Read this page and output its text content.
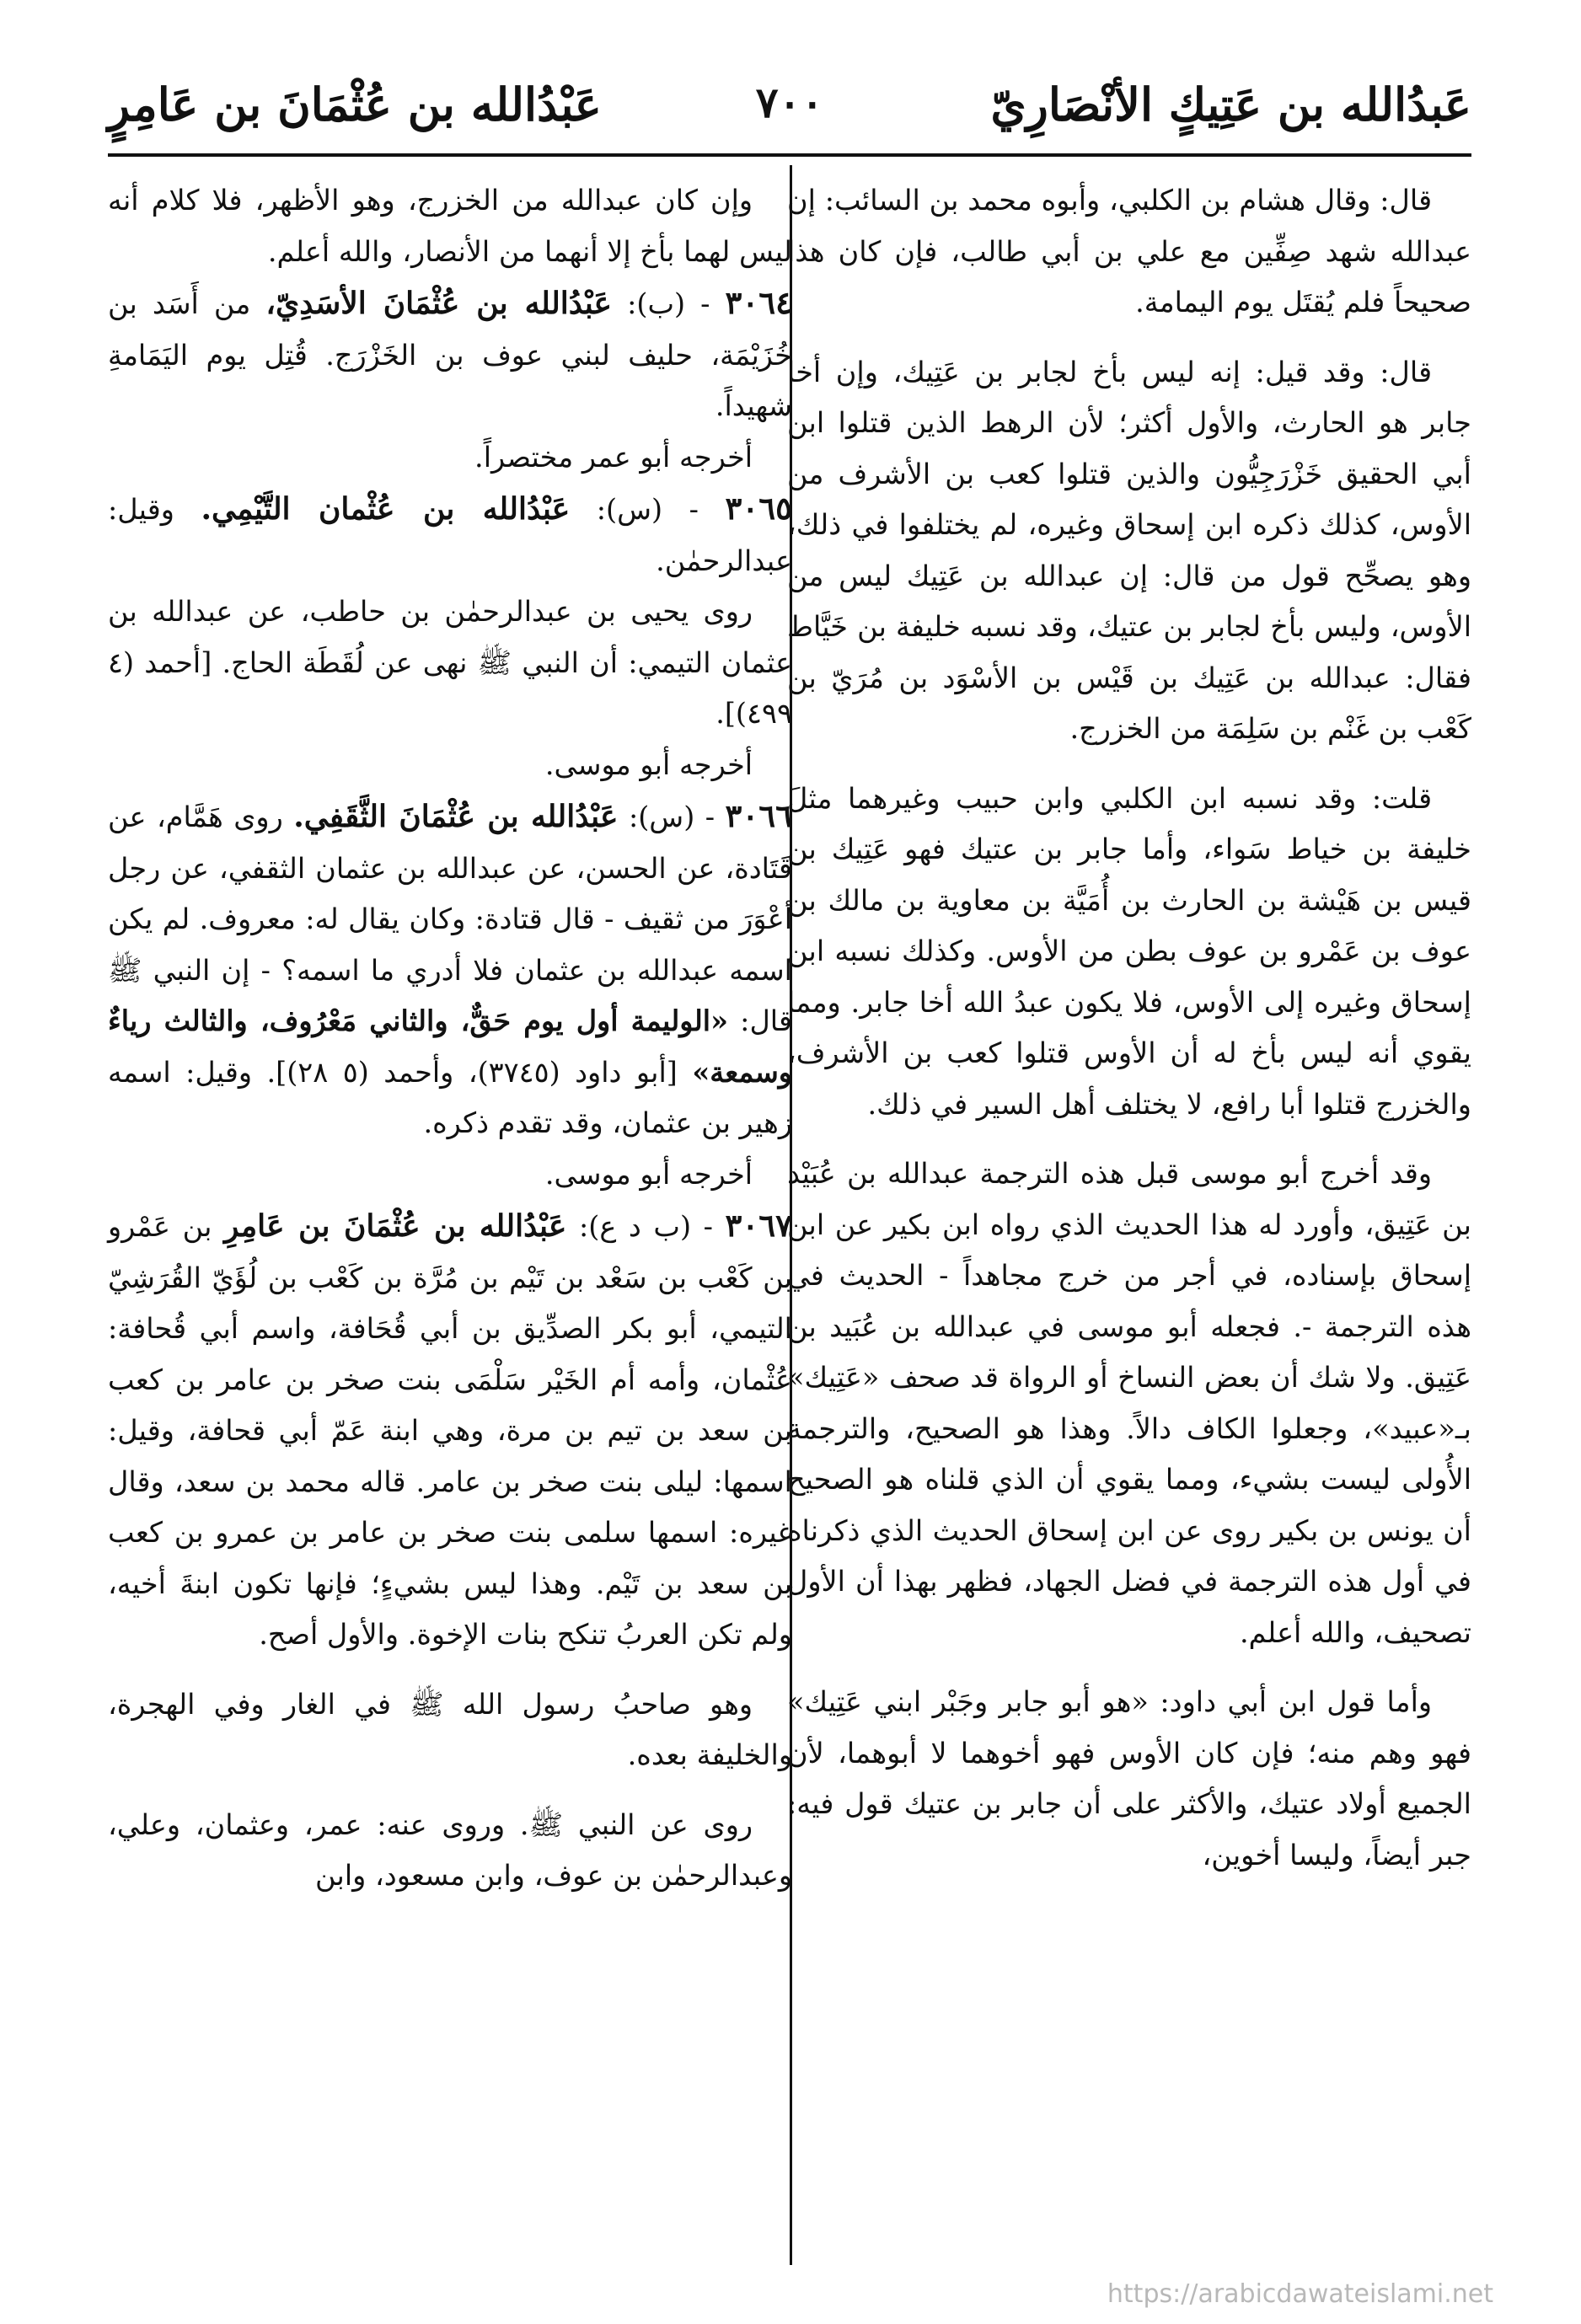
عَبْدُالله بن عُثْمَانَ بن عَامِرٍ	٧٠٠	عَبدُالله بن عَتِيكٍ الأنْصَارِيّ

قال: وقال هشام بن الكلبي، وأبوه محمد بن السائب: إن عبدالله شهد صِفِّين مع علي بن أبي طالب، فإن كان هذا صحيحاً فلم يُقتَل يوم اليمامة.

قال: وقد قيل: إنه ليس بأخ لجابر بن عَتِيك، وإن أخا جابر هو الحارث، والأول أكثر؛ لأن الرهط الذين قتلوا ابن أبي الحقيق خَزْرَجِيُّون والذين قتلوا كعب بن الأشرف من الأوس، كذلك ذكره ابن إسحاق وغيره، لم يختلفوا في ذلك، وهو يصحِّح قول من قال: إن عبدالله بن عَتِيك ليس من الأوس، وليس بأخ لجابر بن عتيك، وقد نسبه خليفة بن خَيَّاط فقال: عبدالله بن عَتِيك بن قَيْس بن الأسْوَد بن مُرَيّ بن كَعْب بن غَنْم بن سَلِمَة من الخزرج.

قلت: وقد نسبه ابن الكلبي وابن حبيب وغيرهما مثلَ خليفة بن خياط سَواء، وأما جابر بن عتيك فهو عَتِيك بن قيس بن هَيْشة بن الحارث بن أُمَيَّة بن معاوية بن مالك بن عوف بن عَمْرو بن عوف بطن من الأوس. وكذلك نسبه ابن إسحاق وغيره إلى الأوس، فلا يكون عبدُ الله أخا جابر. ومما يقوي أنه ليس بأخ له أن الأوس قتلوا كعب بن الأشرف، والخزرج قتلوا أبا رافع، لا يختلف أهل السير في ذلك.

وقد أخرج أبو موسى قبل هذه الترجمة عبدالله بن عُبَيْد بن عَتِيق، وأورد له هذا الحديث الذي رواه ابن بكير عن ابن إسحاق بإسناده، في أجر من خرج مجاهداً - الحديث في هذه الترجمة -. فجعله أبو موسى في عبدالله بن عُبَيد بن عَتِيق. ولا شك أن بعض النساخ أو الرواة قد صحف «عَتِيك» بـ«عبيد»، وجعلوا الكاف دالاً. وهذا هو الصحيح، والترجمة الأُولى ليست بشيء، ومما يقوي أن الذي قلناه هو الصحيح أن يونس بن بكير روى عن ابن إسحاق الحديث الذي ذكرناه في أول هذه الترجمة في فضل الجهاد، فظهر بهذا أن الأول تصحيف، والله أعلم.

وأما قول ابن أبي داود: «هو أبو جابر وجَبْر ابني عَتِيك» فهو وهم منه؛ فإن كان الأوس فهو أخوهما لا أبوهما، لأن الجميع أولاد عتيك، والأكثر على أن جابر بن عتيك قول فيه: جبر أيضاً، وليسا أخوين،

وإن كان عبدالله من الخزرج، وهو الأظهر، فلا كلام أنه ليس لهما بأخ إلا أنهما من الأنصار، والله أعلم.

٣٠٦٤ - (ب): عَبْدُالله بن عُثْمَانَ الأسَدِيّ، من أَسَد بن خُزَيْمَة، حليف لبني عوف بن الخَزْرَج. قُتِل يوم اليَمَامةِ شهيداً.

أخرجه أبو عمر مختصراً.

٣٠٦٥ - (س): عَبْدُالله بن عُثْمان التَّيْمِي. وقيل: عبدالرحمٰن.

روى يحيى بن عبدالرحمٰن بن حاطب، عن عبدالله بن عثمان التيمي: أن النبي ﷺ نهى عن لُقَطَة الحاج. [أحمد (٤ ٤٩٩)].

أخرجه أبو موسى.

٣٠٦٦ - (س): عَبْدُالله بن عُثْمَانَ الثَّقَفِي. روى هَمَّام، عن قَتَادة، عن الحسن، عن عبدالله بن عثمان الثقفي، عن رجل أعْوَرَ من ثقيف - قال قتادة: وكان يقال له: معروف. لم يكن اسمه عبدالله بن عثمان فلا أدري ما اسمه؟ - إن النبي ﷺ قال: «الوليمة أول يوم حَقٌّ، والثاني مَعْرُوف، والثالث رياءٌ وسمعة» [أبو داود (٣٧٤٥)، وأحمد (٥ ٢٨)]. وقيل: اسمه زهير بن عثمان، وقد تقدم ذكره.

أخرجه أبو موسى.

٣٠٦٧ - (ب د ع): عَبْدُالله بن عُثْمَانَ بن عَامِرِ بن عَمْرو بن كَعْب بن سَعْد بن تَيْم بن مُرَّة بن كَعْب بن لُؤَيّ القُرَشِيّ التيمي، أبو بكر الصدِّيق بن أبي قُحَافة، واسم أبي قُحافة: عُثْمان، وأمه أم الخَيْر سَلْمَى بنت صخر بن عامر بن كعب بن سعد بن تيم بن مرة، وهي ابنة عَمّ أبي قحافة، وقيل: اسمها: ليلى بنت صخر بن عامر. قاله محمد بن سعد، وقال غيره: اسمها سلمى بنت صخر بن عامر بن عمرو بن كعب بن سعد بن تَيْم. وهذا ليس بشيءٍ؛ فإنها تكون ابنةَ أخيه، ولم تكن العربُ تنكح بنات الإخوة. والأول أصح.

وهو صاحبُ رسول الله ﷺ في الغار وفي الهجرة، والخليفة بعده.

روى عن النبي ﷺ. وروى عنه: عمر، وعثمان، وعلي، وعبدالرحمٰن بن عوف، وابن مسعود، وابن

https://arabicdawateislami.net
